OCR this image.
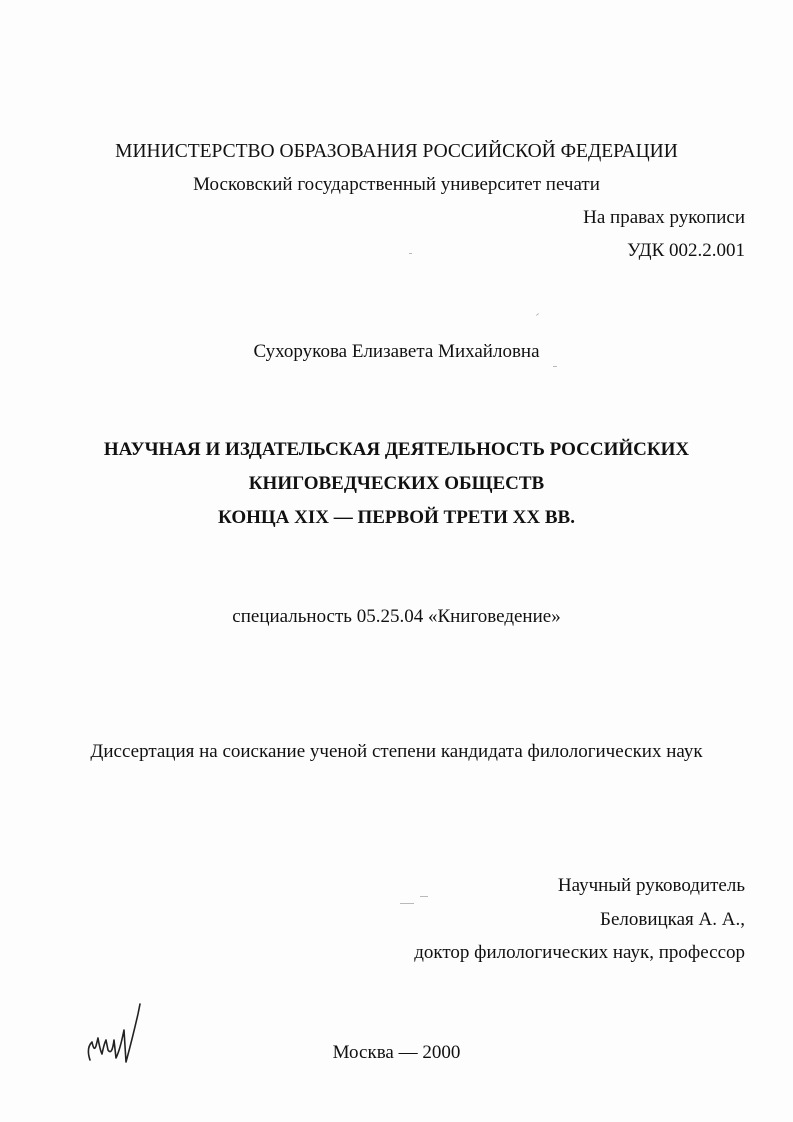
МИНИСТЕРСТВО ОБРАЗОВАНИЯ РОССИЙСКОЙ ФЕДЕРАЦИИ
Московский государственный университет печати
На правах рукописи
УДК 002.2.001
Сухорукова Елизавета Михайловна
НАУЧНАЯ И ИЗДАТЕЛЬСКАЯ ДЕЯТЕЛЬНОСТЬ РОССИЙСКИХ
КНИГОВЕДЧЕСКИХ ОБЩЕСТВ
КОНЦА XIX — ПЕРВОЙ ТРЕТИ XX ВВ.
специальность 05.25.04 «Книговедение»
Диссертация на соискание ученой степени кандидата филологических наук
Научный руководитель
Беловицкая А. А.,
доктор филологических наук, профессор
Москва — 2000
